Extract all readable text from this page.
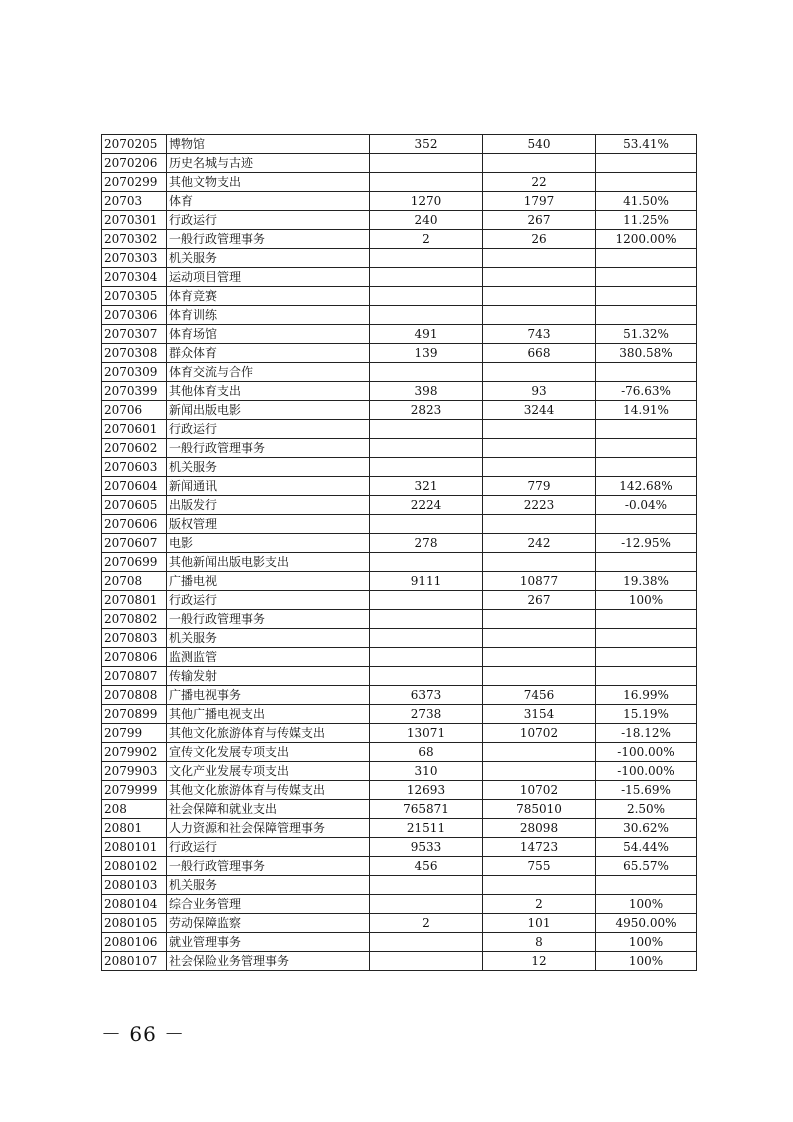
2070205	博物馆	352	540	53.41%
2070206	历史名城与古迹			
2070299	其他文物支出		22	
20703	体育	1270	1797	41.50%
2070301	行政运行	240	267	11.25%
2070302	一般行政管理事务	2	26	1200.00%
2070303	机关服务			
2070304	运动项目管理			
2070305	体育竞赛			
2070306	体育训练			
2070307	体育场馆	491	743	51.32%
2070308	群众体育	139	668	380.58%
2070309	体育交流与合作			
2070399	其他体育支出	398	93	-76.63%
20706	新闻出版电影	2823	3244	14.91%
2070601	行政运行			
2070602	一般行政管理事务			
2070603	机关服务			
2070604	新闻通讯	321	779	142.68%
2070605	出版发行	2224	2223	-0.04%
2070606	版权管理			
2070607	电影	278	242	-12.95%
2070699	其他新闻出版电影支出			
20708	广播电视	9111	10877	19.38%
2070801	行政运行		267	100%
2070802	一般行政管理事务			
2070803	机关服务			
2070806	监测监管			
2070807	传输发射			
2070808	广播电视事务	6373	7456	16.99%
2070899	其他广播电视支出	2738	3154	15.19%
20799	其他文化旅游体育与传媒支出	13071	10702	-18.12%
2079902	宣传文化发展专项支出	68		-100.00%
2079903	文化产业发展专项支出	310		-100.00%
2079999	其他文化旅游体育与传媒支出	12693	10702	-15.69%
208	社会保障和就业支出	765871	785010	2.50%
20801	人力资源和社会保障管理事务	21511	28098	30.62%
2080101	行政运行	9533	14723	54.44%
2080102	一般行政管理事务	456	755	65.57%
2080103	机关服务			
2080104	综合业务管理		2	100%
2080105	劳动保障监察	2	101	4950.00%
2080106	就业管理事务		8	100%
2080107	社会保险业务管理事务		12	100%
－ 66 －
